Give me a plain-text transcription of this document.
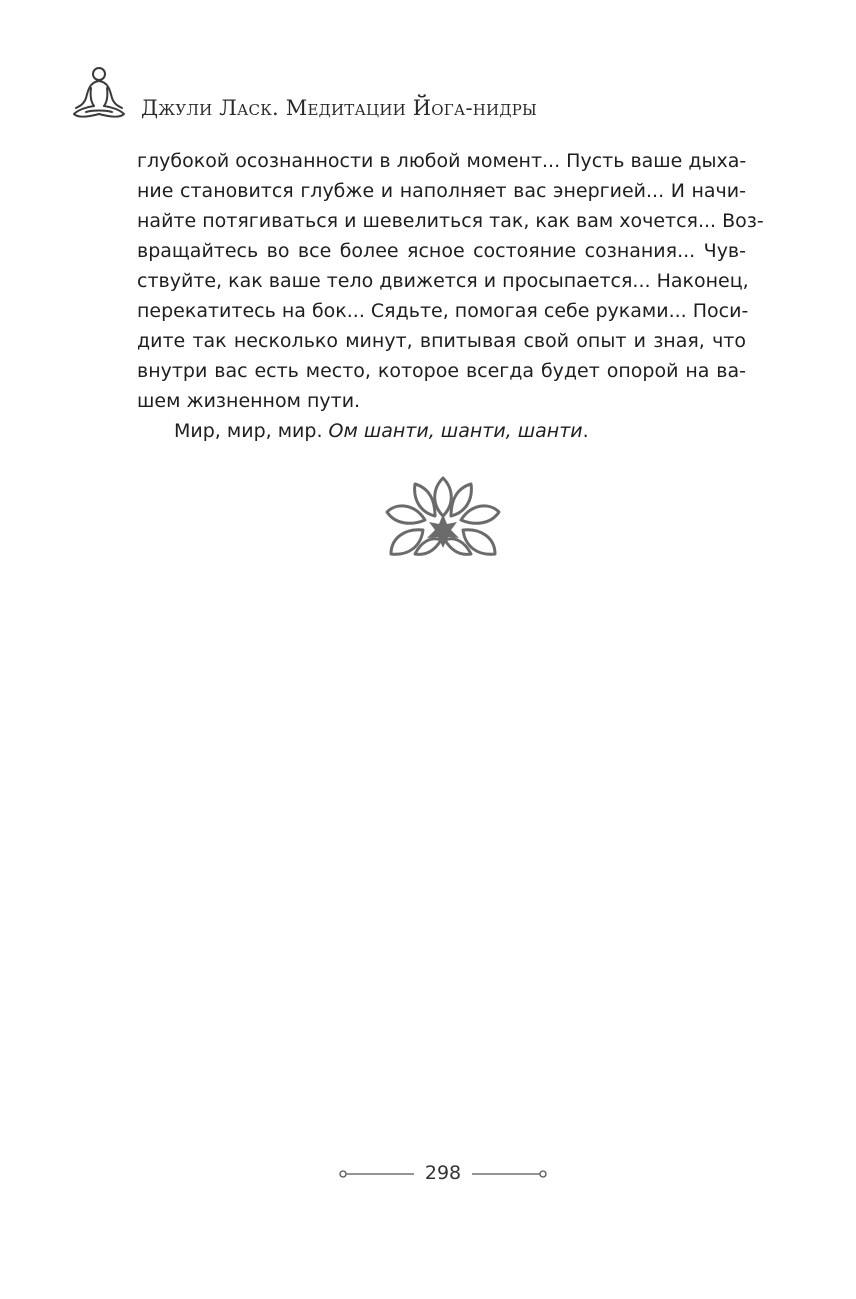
Джули Ласк. Медитации Йога-нидры
глубокой осознанности в любой момент... Пусть ваше дыха-
ние становится глубже и наполняет вас энергией... И начи-
найте потягиваться и шевелиться так, как вам хочется... Воз-
вращайтесь во все более ясное состояние сознания... Чув-
ствуйте, как ваше тело движется и просыпается... Наконец,
перекатитесь на бок... Сядьте, помогая себе руками... Поси-
дите так несколько минут, впитывая свой опыт и зная, что
внутри вас есть место, которое всегда будет опорой на ва-
шем жизненном пути.
Мир, мир, мир. Ом шанти, шанти, шанти.
298
